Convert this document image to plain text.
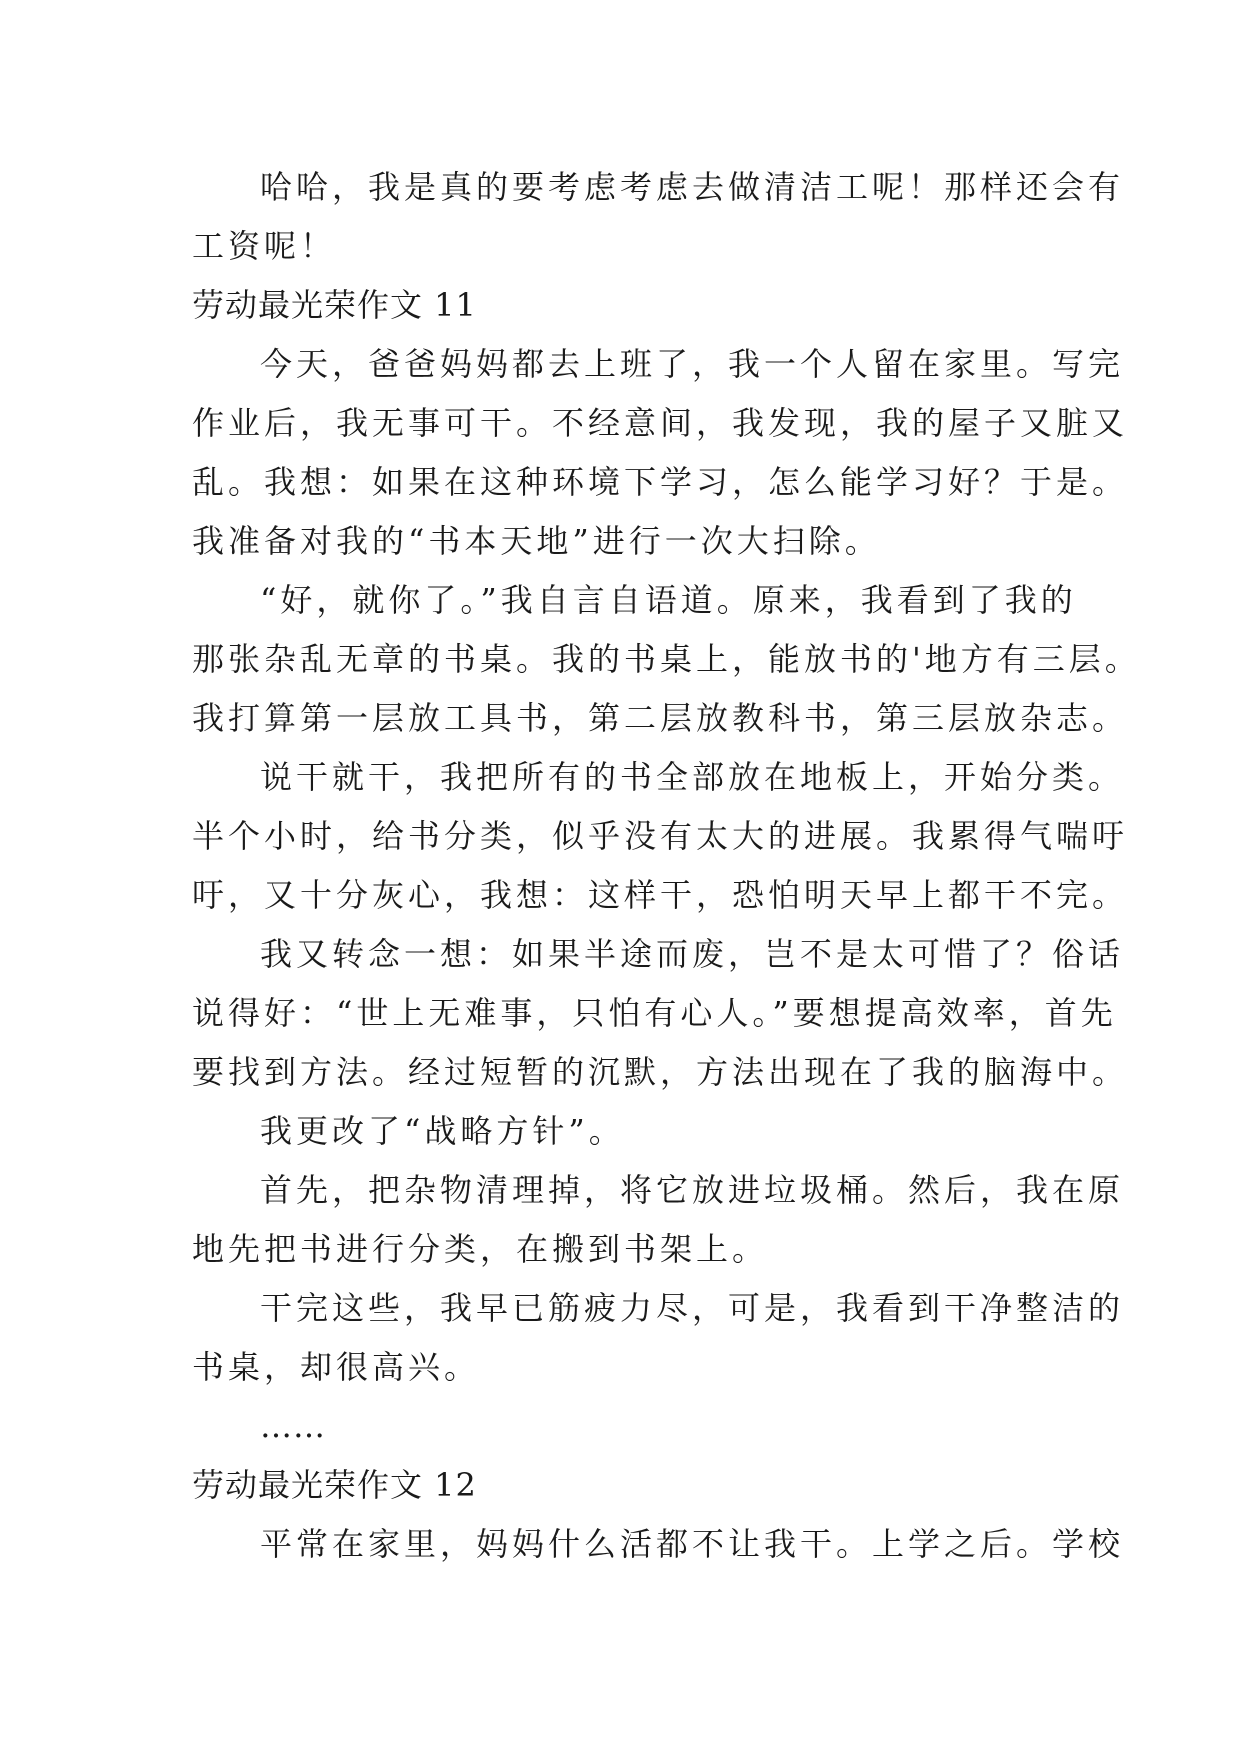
哈哈，我是真的要考虑考虑去做清洁工呢！那样还会有
工资呢！
劳动最光荣作文 11
今天，爸爸妈妈都去上班了，我一个人留在家里。写完
作业后，我无事可干。不经意间，我发现，我的屋子又脏又
乱。我想：如果在这种环境下学习，怎么能学习好？于是。
我准备对我的“书本天地”进行一次大扫除。
“好，就你了。”我自言自语道。原来，我看到了我的
那张杂乱无章的书桌。我的书桌上，能放书的'地方有三层。
我打算第一层放工具书，第二层放教科书，第三层放杂志。
说干就干，我把所有的书全部放在地板上，开始分类。
半个小时，给书分类，似乎没有太大的进展。我累得气喘吁
吁，又十分灰心，我想：这样干，恐怕明天早上都干不完。
我又转念一想：如果半途而废，岂不是太可惜了？俗话
说得好：“世上无难事，只怕有心人。”要想提高效率，首先
要找到方法。经过短暂的沉默，方法出现在了我的脑海中。
我更改了“战略方针”。
首先，把杂物清理掉，将它放进垃圾桶。然后，我在原
地先把书进行分类，在搬到书架上。
干完这些，我早已筋疲力尽，可是，我看到干净整洁的
书桌，却很高兴。
……
劳动最光荣作文 12
平常在家里，妈妈什么活都不让我干。上学之后。学校
